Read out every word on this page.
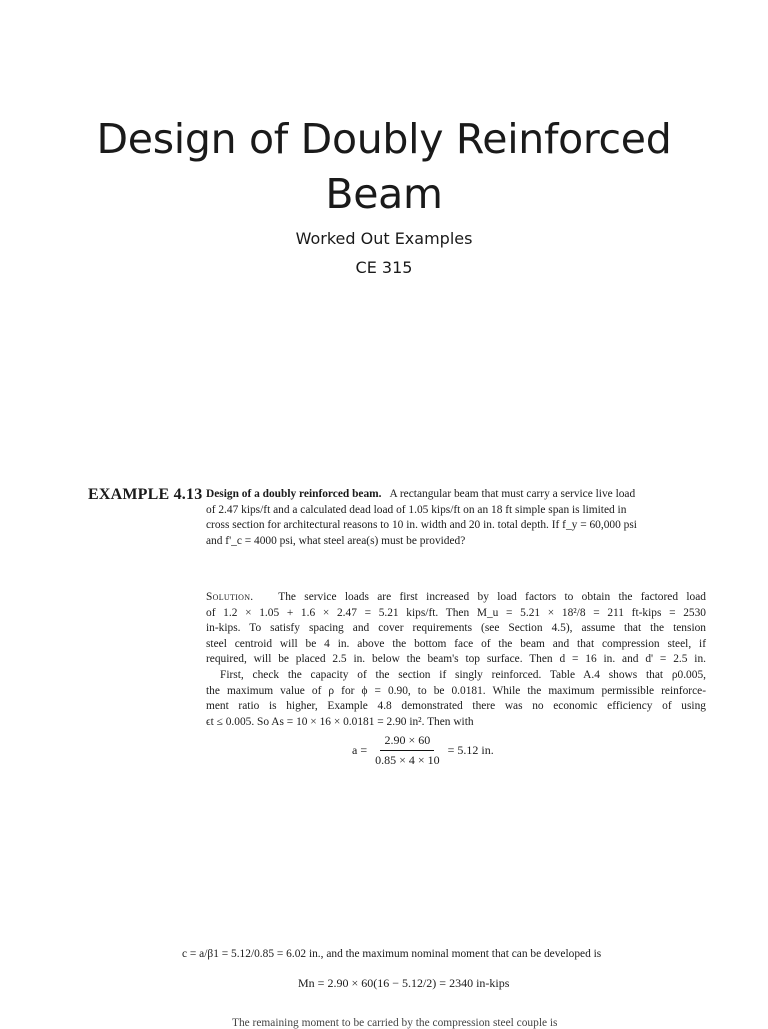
Design of Doubly Reinforced
Beam
Worked Out Examples
CE 315
EXAMPLE 4.13 Design of a doubly reinforced beam. A rectangular beam that must carry a service live load
of 2.47 kips/ft and a calculated dead load of 1.05 kips/ft on an 18 ft simple span is limited in
cross section for architectural reasons to 10 in. width and 20 in. total depth. If f_y = 60,000 psi
and f'_c = 4000 psi, what steel area(s) must be provided?
Solution. The service loads are first increased by load factors to obtain the factored load
of 1.2 × 1.05 + 1.6 × 2.47 = 5.21 kips/ft. Then M_u = 5.21 × 18²/8 = 211 ft-kips = 2530
in-kips. To satisfy spacing and cover requirements (see Section 4.5), assume that the tension
steel centroid will be 4 in. above the bottom face of the beam and that compression steel, if
required, will be placed 2.5 in. below the beam's top surface. Then d = 16 in. and d' = 2.5 in.
First, check the capacity of the section if singly reinforced. Table A.4 shows that ρ0.005,
the maximum value of ρ for ϕ = 0.90, to be 0.0181. While the maximum permissible reinforce-
ment ratio is higher, Example 4.8 demonstrated there was no economic efficiency of using
ϵt ≤ 0.005. So As = 10 × 16 × 0.0181 = 2.90 in². Then with
$a = \frac{2.90 \times 60}{0.85 \times 4 \times 10} = 5.12$ in.
c = a/β1 = 5.12/0.85 = 6.02 in., and the maximum nominal moment that can be developed is
Mn = 2.90 × 60(16 − 5.12/2) = 2340 in-kips
The remaining moment to be carried by the compression steel couple is
